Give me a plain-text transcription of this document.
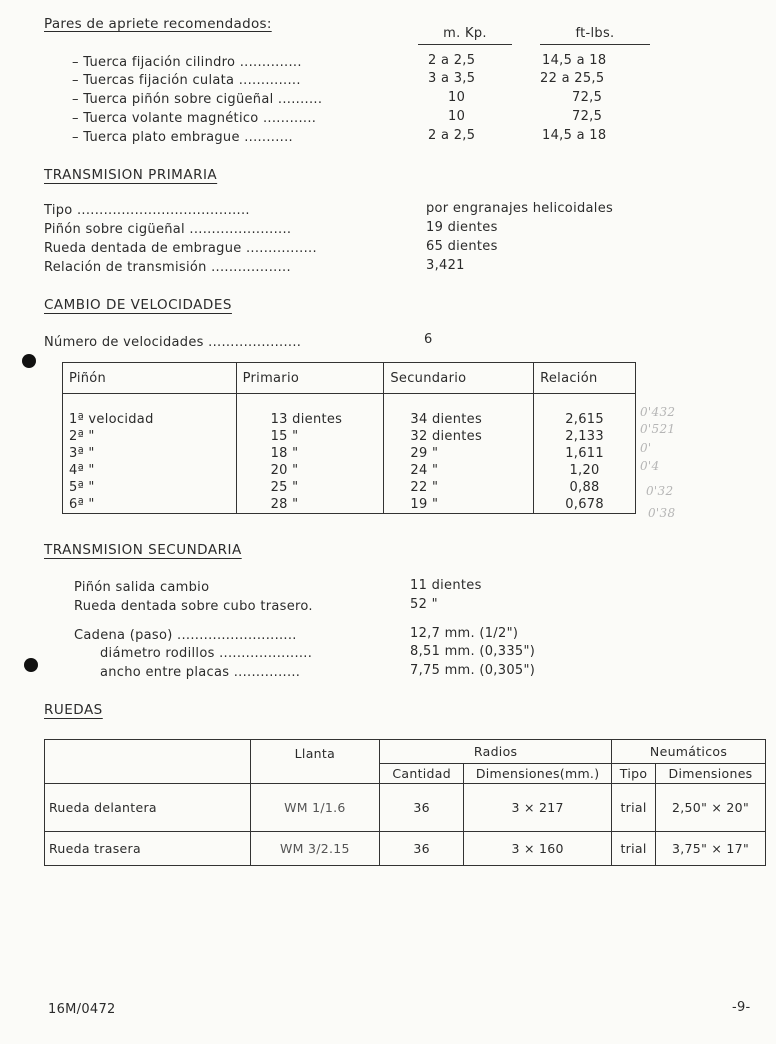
Pares de apriete recomendados:
m. Kp.	ft-lbs.
– Tuerca fijación cilindro ..............	2 a 2,5	14,5 a 18
– Tuercas fijación culata ..............	3 a 3,5	22 a 25,5
– Tuerca piñón sobre cigüeñal ..........	10	72,5
– Tuerca volante magnético ............	10	72,5
– Tuerca plato embrague ...........	2 a 2,5	14,5 a 18
TRANSMISION PRIMARIA
Tipo .......................................	por engranajes helicoidales
Piñón sobre cigüeñal .......................	19 dientes
Rueda dentada de embrague ................	65 dientes
Relación de transmisión ..................	3,421
CAMBIO DE VELOCIDADES
Número de velocidades .....................	6
Piñón	Primario	Secundario	Relación

1ª velocidad	13 dientes	34 dientes	2,615
2ª "	15 "	32 dientes	2,133
3ª "	18 "	29 "	1,611
4ª "	20 "	24 "	1,20
5ª "	25 "	22 "	0,88
6ª "	28 "	19 "	0,678
0'432
0'521
0'
0'4
0'32
0'38
TRANSMISION SECUNDARIA
Piñón salida cambio	11 dientes
Rueda dentada sobre cubo trasero.	52 "
Cadena (paso) ...........................	12,7 mm. (1/2")
diámetro rodillos .....................	8,51 mm. (0,335")
ancho entre placas ...............	7,75 mm. (0,305")
RUEDAS
	Llanta	Radios		Neumáticos	
		Cantidad	Dimensiones(mm.)	Tipo	Dimensiones
Rueda delantera	WM 1/1.6	36	3 × 217	trial	2,50" × 20"
Rueda trasera	WM 3/2.15	36	3 × 160	trial	3,75" × 17"
16M/0472	-9-
